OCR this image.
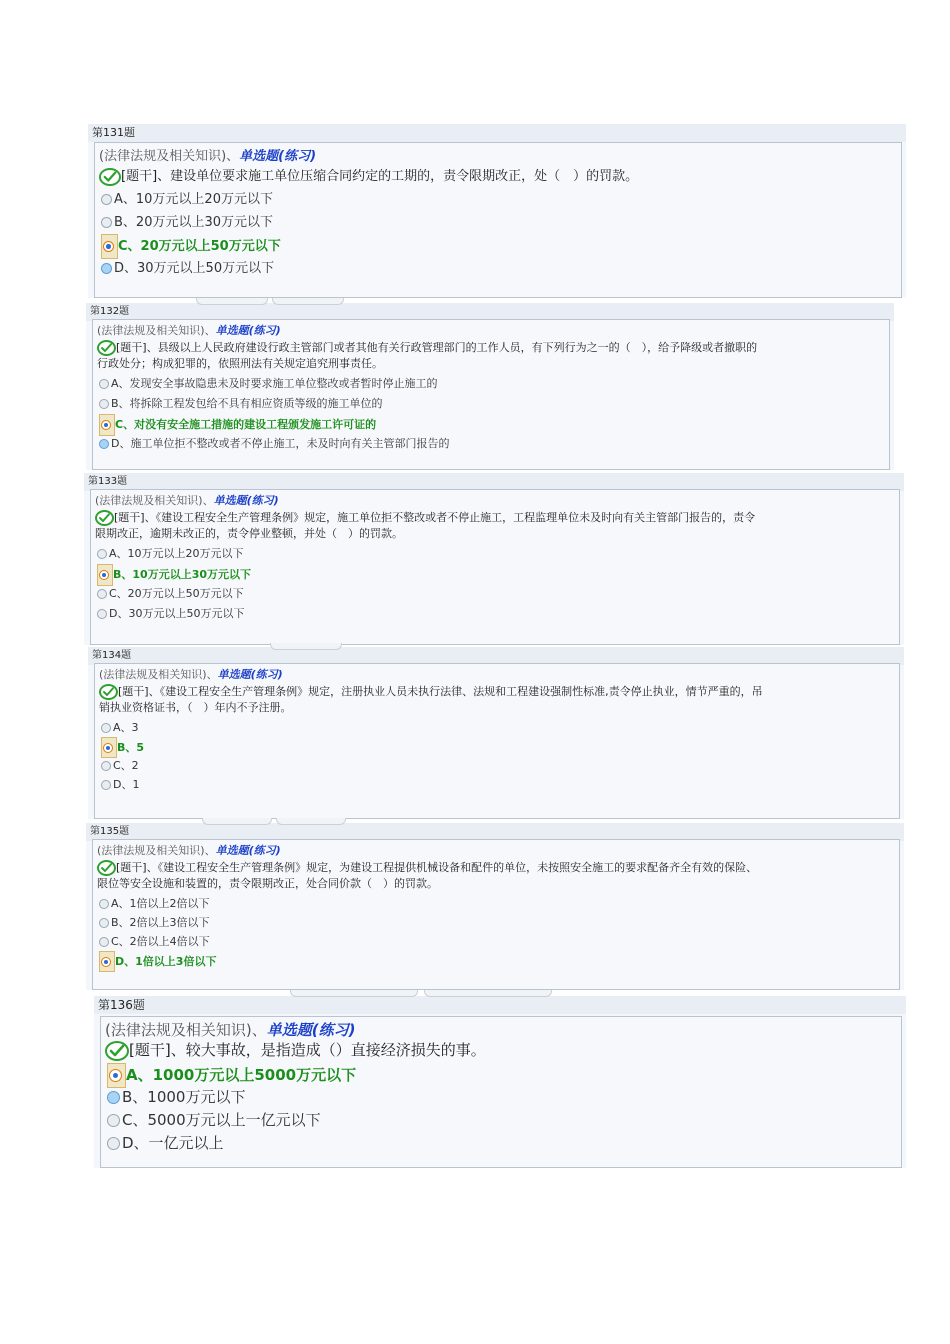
第131题
(法律法规及相关知识)、单选题(练习)
[题干]、建设单位要求施工单位压缩合同约定的工期的，责令限期改正，处（　）的罚款。
A、10万元以上20万元以下
B、20万元以上30万元以下
C、20万元以上50万元以下
D、30万元以上50万元以下
第132题
(法律法规及相关知识)、单选题(练习)
[题干]、县级以上人民政府建设行政主管部门或者其他有关行政管理部门的工作人员，有下列行为之一的（　），给予降级或者撤职的
行政处分；构成犯罪的，依照刑法有关规定追究刑事责任。
A、发现安全事故隐患未及时要求施工单位整改或者暂时停止施工的
B、将拆除工程发包给不具有相应资质等级的施工单位的
C、对没有安全施工措施的建设工程颁发施工许可证的
D、施工单位拒不整改或者不停止施工，未及时向有关主管部门报告的
第133题
(法律法规及相关知识)、单选题(练习)
[题干]、《建设工程安全生产管理条例》规定，施工单位拒不整改或者不停止施工，工程监理单位未及时向有关主管部门报告的，责令
限期改正，逾期未改正的，责令停业整顿，并处（　）的罚款。
A、10万元以上20万元以下
B、10万元以上30万元以下
C、20万元以上50万元以下
D、30万元以上50万元以下
第134题
(法律法规及相关知识)、单选题(练习)
[题干]、《建设工程安全生产管理条例》规定，注册执业人员未执行法律、法规和工程建设强制性标准,责令停止执业，情节严重的，吊
销执业资格证书，（　）年内不予注册。
A、3
B、5
C、2
D、1
第135题
(法律法规及相关知识)、单选题(练习)
[题干]、《建设工程安全生产管理条例》规定，为建设工程提供机械设备和配件的单位，未按照安全施工的要求配备齐全有效的保险、
限位等安全设施和装置的，责令限期改正，处合同价款（　）的罚款。
A、1倍以上2倍以下
B、2倍以上3倍以下
C、2倍以上4倍以下
D、1倍以上3倍以下
第136题
(法律法规及相关知识)、单选题(练习)
[题干]、较大事故，是指造成（）直接经济损失的事。
A、1000万元以上5000万元以下
B、1000万元以下
C、5000万元以上一亿元以下
D、一亿元以上
